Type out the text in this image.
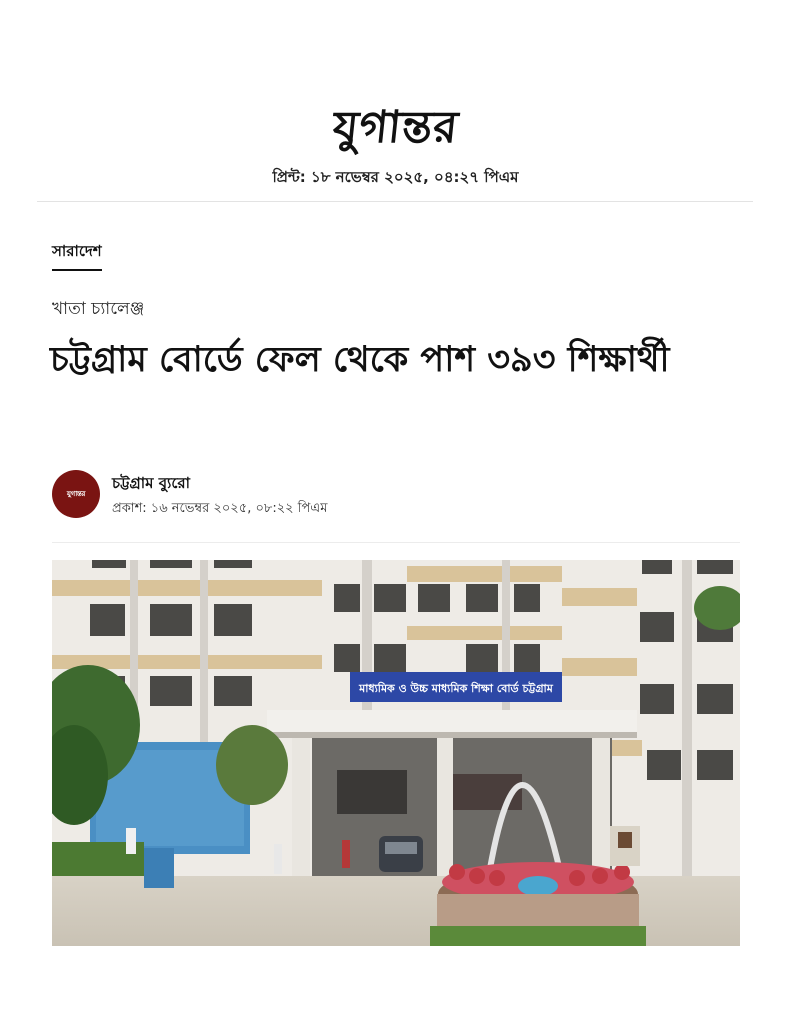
যুগান্তর
প্রিন্ট: ১৮ নভেম্বর ২০২৫, ০৪:২৭ পিএম
সারাদেশ
খাতা চ্যালেঞ্জ
চট্টগ্রাম বোর্ডে ফেল থেকে পাশ ৩৯৩ শিক্ষার্থী
যুগান্তর
চট্টগ্রাম ব্যুরো
প্রকাশ: ১৬ নভেম্বর ২০২৫, ০৮:২২ পিএম
মাধ্যমিক ও উচ্চ মাধ্যমিক শিক্ষা বোর্ড চট্টগ্রাম
